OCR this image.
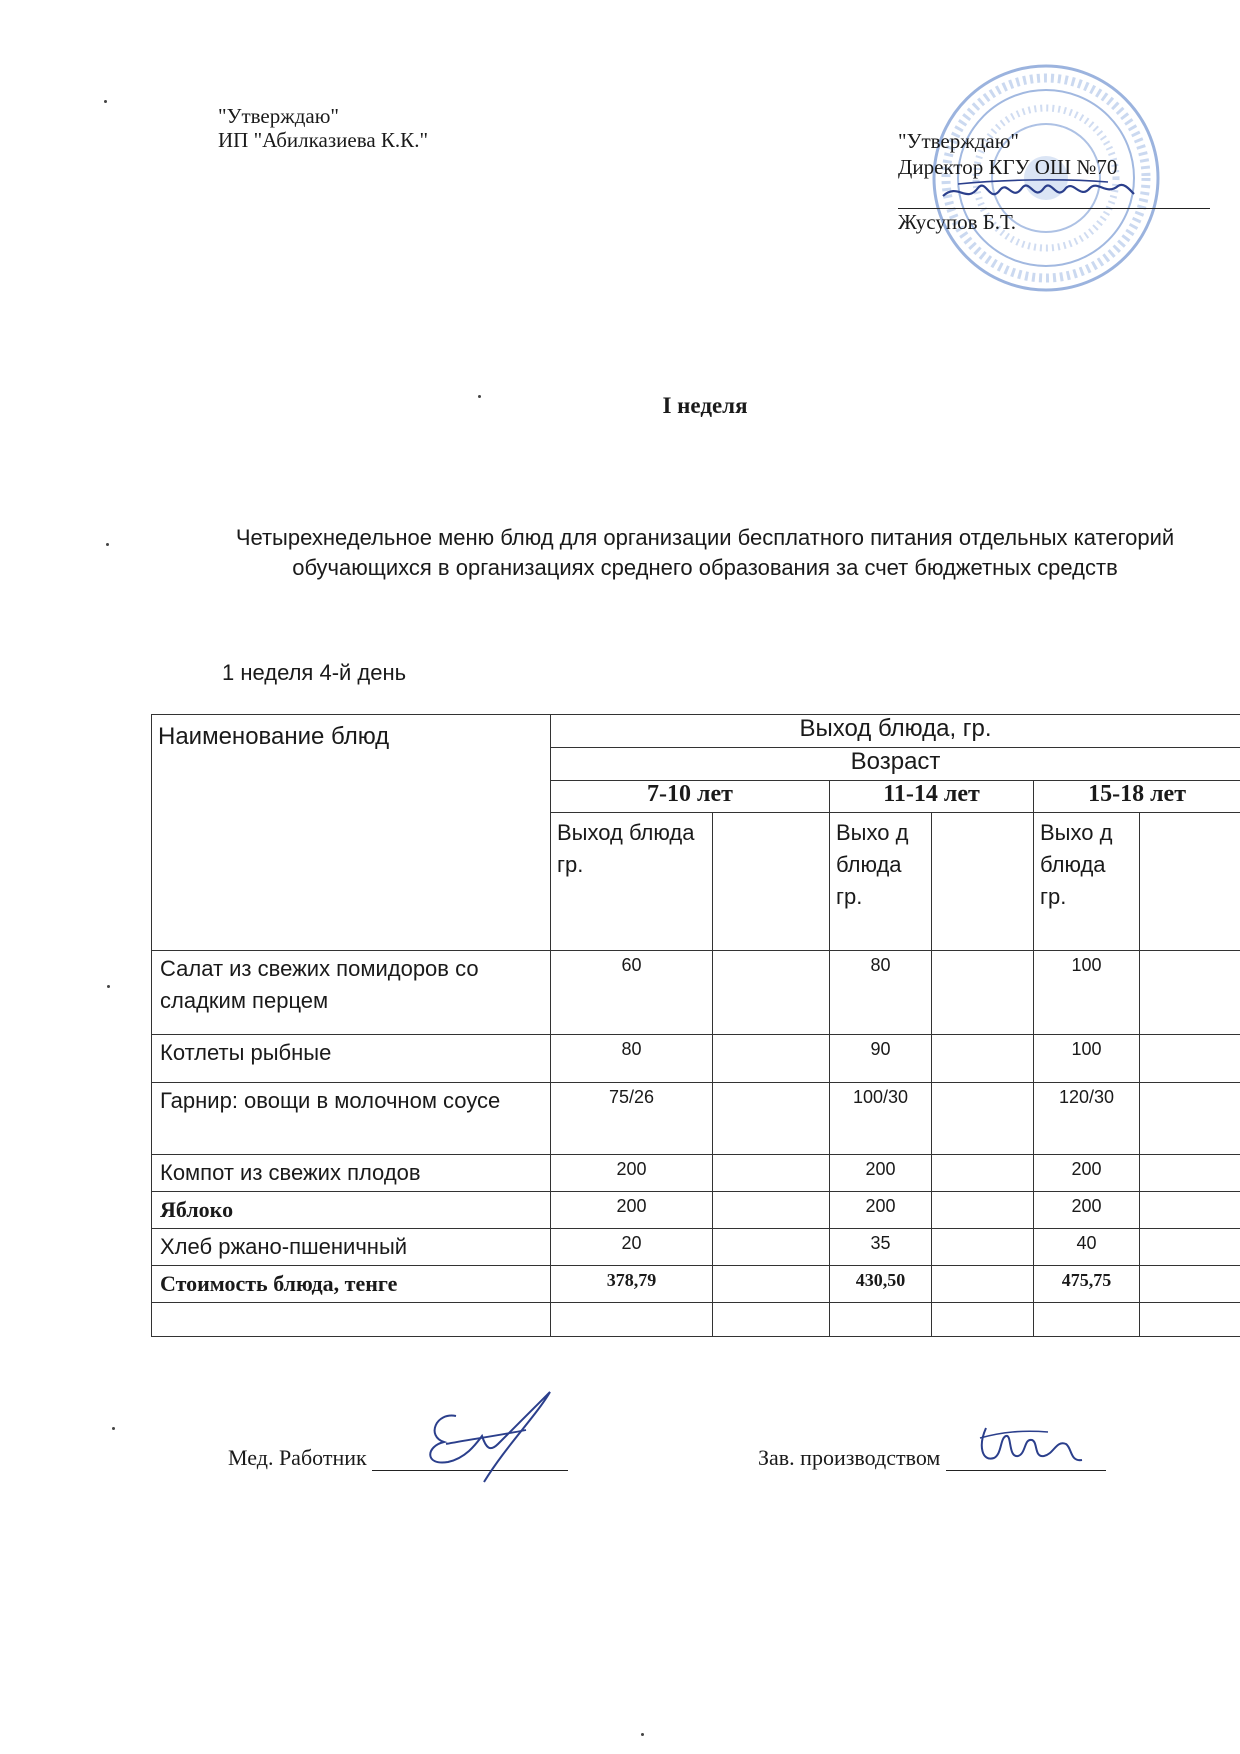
"Утверждаю"
ИП "Абилказиева К.К."	"Утверждаю"
Директор КГУ ОШ №70
Жусупов Б.Т.
I неделя
Четырехнедельное меню блюд для организации бесплатного питания отдельных категорий обучающихся в организациях среднего образования за счет бюджетных средств
1 неделя 4-й день
Наименование блюд	Выход блюда, гр.					
	Возраст					
	7-10 лет		11-14 лет		15-18 лет	
	Выход блюда гр.		Выхо д блюда гр.		Выхо д блюда гр.	
Салат из свежих помидоров со сладким перцем	60		80		100	
Котлеты рыбные	80		90		100	
Гарнир: овощи в молочном соусе	75/26		100/30		120/30	
Компот из свежих плодов	200		200		200	
Яблоко	200		200		200	
Хлеб ржано-пшеничный	20		35		40	
Стоимость блюда, тенге	378,79		430,50		475,75	

Мед. Работник	Зав. производством
